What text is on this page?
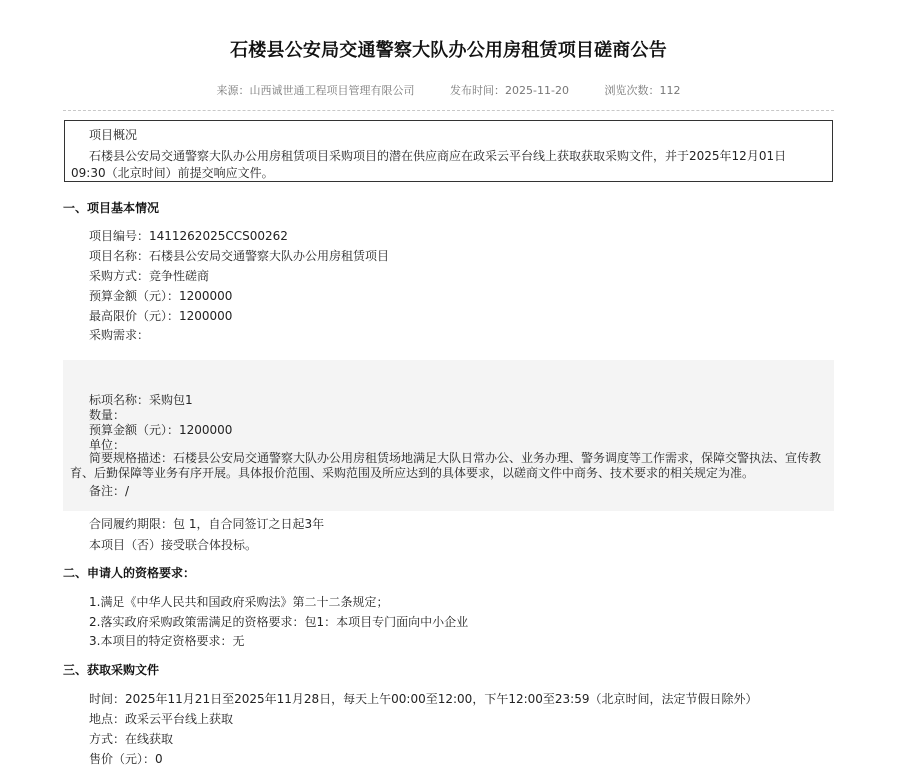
石楼县公安局交通警察大队办公用房租赁项目磋商公告
来源：山西诚世通工程项目管理有限公司	发布时间：2025-11-20	浏览次数：112
项目概况
石楼县公安局交通警察大队办公用房租赁项目采购项目的潜在供应商应在政采云平台线上获取获取采购文件，并于2025年12月01日 09:30（北京时间）前提交响应文件。
一、项目基本情况
项目编号：1411262025CCS00262
项目名称：石楼县公安局交通警察大队办公用房租赁项目
采购方式：竞争性磋商
预算金额（元）：1200000
最高限价（元）：1200000
采购需求：
标项名称：采购包1
数量：
预算金额（元）：1200000
单位：
简要规格描述：石楼县公安局交通警察大队办公用房租赁场地满足大队日常办公、业务办理、警务调度等工作需求，保障交警执法、宣传教育、后勤保障等业务有序开展。具体报价范围、采购范围及所应达到的具体要求，以磋商文件中商务、技术要求的相关规定为准。
备注：/
合同履约期限：包 1，自合同签订之日起3年
本项目（否）接受联合体投标。
二、申请人的资格要求：
1.满足《中华人民共和国政府采购法》第二十二条规定；
2.落实政府采购政策需满足的资格要求：包1：本项目专门面向中小企业
3.本项目的特定资格要求：无
三、获取采购文件
时间：2025年11月21日至2025年11月28日，每天上午00:00至12:00，下午12:00至23:59（北京时间，法定节假日除外）
地点：政采云平台线上获取
方式：在线获取
售价（元）：0
